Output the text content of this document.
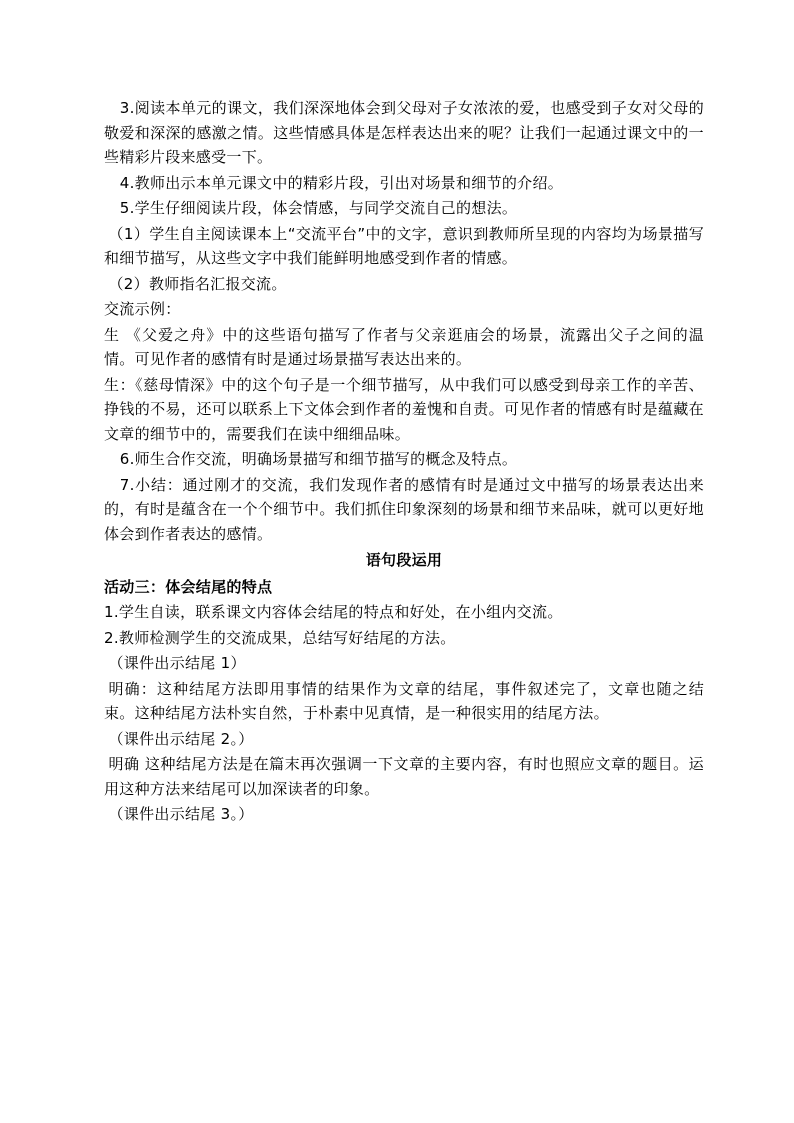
3.阅读本单元的课文，我们深深地体会到父母对子女浓浓的爱，也感受到子女对父母的敬爱和深深的感激之情。这些情感具体是怎样表达出来的呢？让我们一起通过课文中的一些精彩片段来感受一下。

4.教师出示本单元课文中的精彩片段，引出对场景和细节的介绍。

5.学生仔细阅读片段，体会情感，与同学交流自己的想法。

（1）学生自主阅读课本上“交流平台”中的文字，意识到教师所呈现的内容均为场景描写和细节描写，从这些文字中我们能鲜明地感受到作者的情感。

（2）教师指名汇报交流。

交流示例：

生 《父爱之舟》中的这些语句描写了作者与父亲逛庙会的场景，流露出父子之间的温情。可见作者的感情有时是通过场景描写表达出来的。

生：《慈母情深》中的这个句子是一个细节描写，从中我们可以感受到母亲工作的辛苦、挣钱的不易，还可以联系上下文体会到作者的羞愧和自责。可见作者的情感有时是蕴藏在文章的细节中的，需要我们在读中细细品味。

6.师生合作交流，明确场景描写和细节描写的概念及特点。

7.小结：通过刚才的交流，我们发现作者的感情有时是通过文中描写的场景表达出来的，有时是蕴含在一个个细节中。我们抓住印象深刻的场景和细节来品味，就可以更好地体会到作者表达的感情。

语句段运用

活动三：体会结尾的特点

1.学生自读，联系课文内容体会结尾的特点和好处，在小组内交流。

2.教师检测学生的交流成果，总结写好结尾的方法。

（课件出示结尾 1）

明确：这种结尾方法即用事情的结果作为文章的结尾，事件叙述完了，文章也随之结束。这种结尾方法朴实自然，于朴素中见真情，是一种很实用的结尾方法。

（课件出示结尾 2。）

明确 这种结尾方法是在篇末再次强调一下文章的主要内容，有时也照应文章的题目。运用这种方法来结尾可以加深读者的印象。

（课件出示结尾 3。）
